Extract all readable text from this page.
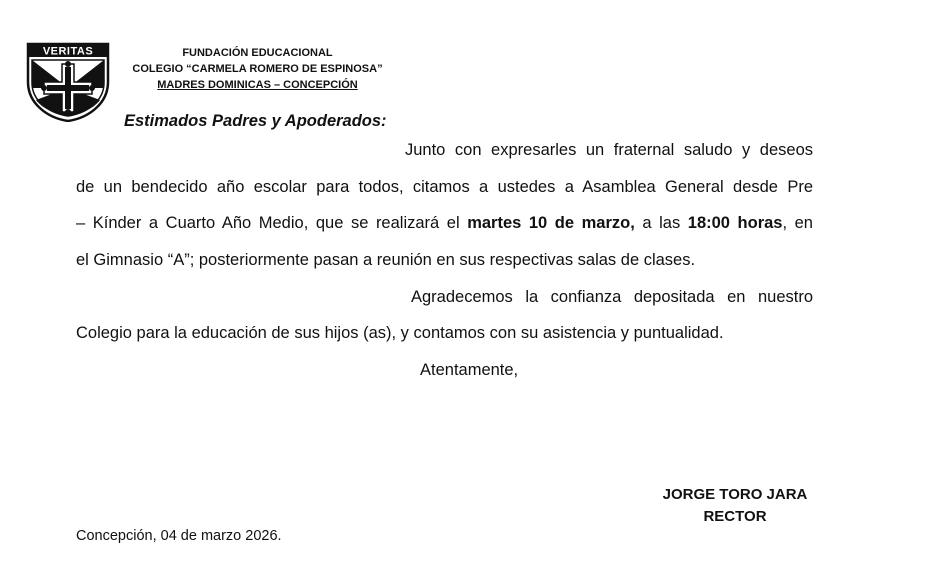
VERITAS	FUNDACIÓN EDUCACIONAL
COLEGIO “CARMELA ROMERO DE ESPINOSA”
MADRES DOMINICAS – CONCEPCIÓN
Estimados Padres y Apoderados:
Junto con expresarles un fraternal saludo y deseos
de un bendecido año escolar para todos, citamos a ustedes a Asamblea General desde Pre
– Kínder a Cuarto Año Medio, que se realizará el martes 10 de marzo, a las 18:00 horas, en
el Gimnasio “A”; posteriormente pasan a reunión en sus respectivas salas de clases.
Agradecemos la confianza depositada en nuestro
Colegio para la educación de sus hijos (as), y contamos con su asistencia y puntualidad.
Atentamente,
JORGE TORO JARA
RECTOR
Concepción, 04 de marzo 2026.
